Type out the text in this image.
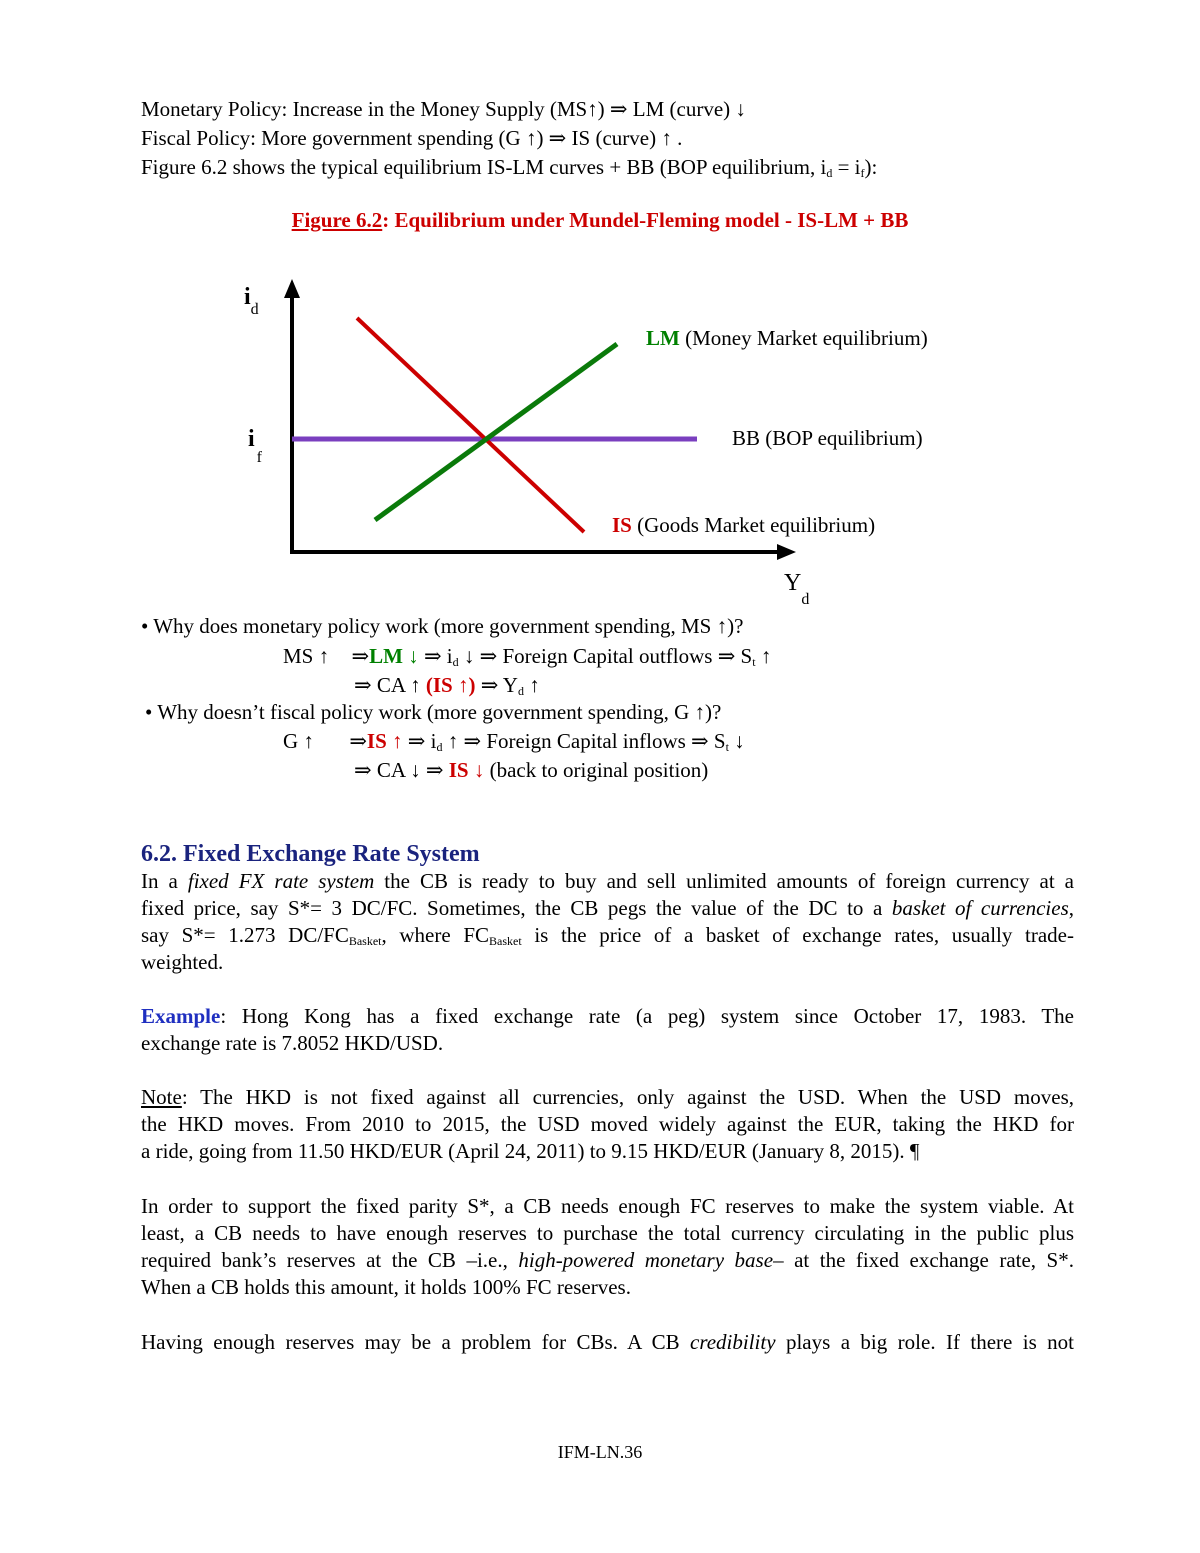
Monetary Policy: Increase in the Money Supply (MS↑) ⇒ LM (curve) ↓
Fiscal Policy: More government spending (G ↑) ⇒ IS (curve) ↑ .
Figure 6.2 shows the typical equilibrium IS-LM curves + BB (BOP equilibrium, $i_d = i_f$):
Figure 6.2: Equilibrium under Mundel-Fleming model - IS-LM + BB
$i_d$
$i_f$
$Y_d$
LM (Money Market equilibrium)
BB (BOP equilibrium)
IS (Goods Market equilibrium)
• Why does monetary policy work (more government spending, MS ↑)?
MS ↑ ⇒LM ↓ ⇒ $i_d$ ↓ ⇒ Foreign Capital outflows ⇒ $S_t$ ↑
⇒ CA ↑ (IS ↑) ⇒ $Y_d$ ↑
• Why doesn’t fiscal policy work (more government spending, G ↑)?
G ↑ ⇒IS ↑ ⇒ $i_d$ ↑ ⇒ Foreign Capital inflows ⇒ $S_t$ ↓
⇒ CA ↓ ⇒ IS ↓ (back to original position)
6.2. Fixed Exchange Rate System
In a fixed FX rate system the CB is ready to buy and sell unlimited amounts of foreign currency at a
fixed price, say S*= 3 DC/FC. Sometimes, the CB pegs the value of the DC to a basket of currencies,
say S*= 1.273 $DC/FC_{Basket}$, where $FC_{Basket}$ is the price of a basket of exchange rates, usually trade-
weighted.
Example: Hong Kong has a fixed exchange rate (a peg) system since October 17, 1983. The
exchange rate is 7.8052 HKD/USD.
Note: The HKD is not fixed against all currencies, only against the USD. When the USD moves,
the HKD moves. From 2010 to 2015, the USD moved widely against the EUR, taking the HKD for
a ride, going from 11.50 HKD/EUR (April 24, 2011) to 9.15 HKD/EUR (January 8, 2015). ¶
In order to support the fixed parity S*, a CB needs enough FC reserves to make the system viable. At
least, a CB needs to have enough reserves to purchase the total currency circulating in the public plus
required bank’s reserves at the CB –i.e., high-powered monetary base– at the fixed exchange rate, S*.
When a CB holds this amount, it holds 100% FC reserves.
Having enough reserves may be a problem for CBs. A CB credibility plays a big role. If there is not
IFM-LN.36
